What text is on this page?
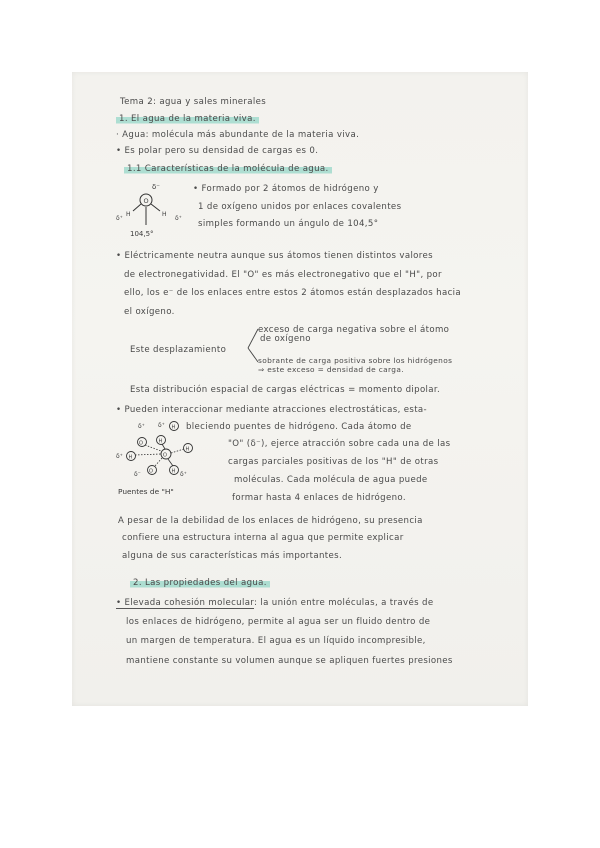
Tema 2: agua y sales minerales
1. El agua de la materia viva.
· Agua: molécula más abundante de la materia viva.
• Es polar pero su densidad de cargas es 0.
1.1 Características de la molécula de agua.
• Formado por 2 átomos de hidrógeno y
1 de oxígeno unidos por enlaces covalentes
simples formando un ángulo de 104,5°
δ⁻
O
H	H
δ⁺	δ⁺
104,5°
• Eléctricamente neutra aunque sus átomos tienen distintos valores
de electronegatividad. El "O" es más electronegativo que el "H", por
ello, los e⁻ de los enlaces entre estos 2 átomos están desplazados hacia
el oxígeno.
exceso de carga negativa sobre el átomo
de oxígeno
Este desplazamiento
sobrante de carga positiva sobre los hidrógenos
⇒ este exceso = densidad de carga.
Esta distribución espacial de cargas eléctricas = momento dipolar.
• Pueden interaccionar mediante atracciones electrostáticas, esta-
bleciendo puentes de hidrógeno. Cada átomo de
"O" (δ⁻), ejerce atracción sobre cada una de las
cargas parciales positivas de los "H" de otras
moléculas. Cada molécula de agua puede
formar hasta 4 enlaces de hidrógeno.
δ⁺ δ⁺ H
O	H
H
δ⁺	O
H
H
O	δ⁺
δ⁻
Puentes de "H"
A pesar de la debilidad de los enlaces de hidrógeno, su presencia
confiere una estructura interna al agua que permite explicar
alguna de sus características más importantes.
2. Las propiedades del agua.
• Elevada cohesión molecular: la unión entre moléculas, a través de
los enlaces de hidrógeno, permite al agua ser un fluido dentro de
un margen de temperatura. El agua es un líquido incompresible,
mantiene constante su volumen aunque se apliquen fuertes presiones
